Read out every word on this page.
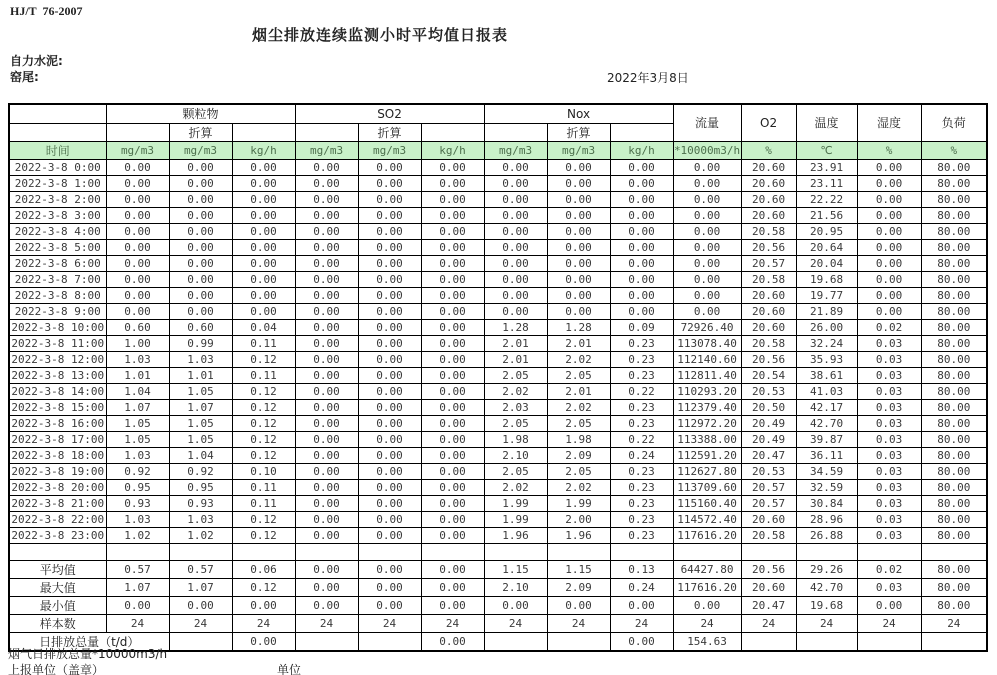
HJ/T  76-2007
烟尘排放连续监测小时平均值日报表
自力水泥:
窑尾:	2022年3月8日
	颗粒物			SO2			Nox			流量	O2	温度	湿度	负荷
		折算			折算			折算						
时间	mg/m3	mg/m3	kg/h	mg/m3	mg/m3	kg/h	mg/m3	mg/m3	kg/h	*10000m3/h	%	℃	%	%
2022-3-8 0:00	0.00	0.00	0.00	0.00	0.00	0.00	0.00	0.00	0.00	0.00	20.60	23.91	0.00	80.00
2022-3-8 1:00	0.00	0.00	0.00	0.00	0.00	0.00	0.00	0.00	0.00	0.00	20.60	23.11	0.00	80.00
2022-3-8 2:00	0.00	0.00	0.00	0.00	0.00	0.00	0.00	0.00	0.00	0.00	20.60	22.22	0.00	80.00
2022-3-8 3:00	0.00	0.00	0.00	0.00	0.00	0.00	0.00	0.00	0.00	0.00	20.60	21.56	0.00	80.00
2022-3-8 4:00	0.00	0.00	0.00	0.00	0.00	0.00	0.00	0.00	0.00	0.00	20.58	20.95	0.00	80.00
2022-3-8 5:00	0.00	0.00	0.00	0.00	0.00	0.00	0.00	0.00	0.00	0.00	20.56	20.64	0.00	80.00
2022-3-8 6:00	0.00	0.00	0.00	0.00	0.00	0.00	0.00	0.00	0.00	0.00	20.57	20.04	0.00	80.00
2022-3-8 7:00	0.00	0.00	0.00	0.00	0.00	0.00	0.00	0.00	0.00	0.00	20.58	19.68	0.00	80.00
2022-3-8 8:00	0.00	0.00	0.00	0.00	0.00	0.00	0.00	0.00	0.00	0.00	20.60	19.77	0.00	80.00
2022-3-8 9:00	0.00	0.00	0.00	0.00	0.00	0.00	0.00	0.00	0.00	0.00	20.60	21.89	0.00	80.00
2022-3-8 10:00	0.60	0.60	0.04	0.00	0.00	0.00	1.28	1.28	0.09	72926.40	20.60	26.00	0.02	80.00
2022-3-8 11:00	1.00	0.99	0.11	0.00	0.00	0.00	2.01	2.01	0.23	113078.40	20.58	32.24	0.03	80.00
2022-3-8 12:00	1.03	1.03	0.12	0.00	0.00	0.00	2.01	2.02	0.23	112140.60	20.56	35.93	0.03	80.00
2022-3-8 13:00	1.01	1.01	0.11	0.00	0.00	0.00	2.05	2.05	0.23	112811.40	20.54	38.61	0.03	80.00
2022-3-8 14:00	1.04	1.05	0.12	0.00	0.00	0.00	2.02	2.01	0.22	110293.20	20.53	41.03	0.03	80.00
2022-3-8 15:00	1.07	1.07	0.12	0.00	0.00	0.00	2.03	2.02	0.23	112379.40	20.50	42.17	0.03	80.00
2022-3-8 16:00	1.05	1.05	0.12	0.00	0.00	0.00	2.05	2.05	0.23	112972.20	20.49	42.70	0.03	80.00
2022-3-8 17:00	1.05	1.05	0.12	0.00	0.00	0.00	1.98	1.98	0.22	113388.00	20.49	39.87	0.03	80.00
2022-3-8 18:00	1.03	1.04	0.12	0.00	0.00	0.00	2.10	2.09	0.24	112591.20	20.47	36.11	0.03	80.00
2022-3-8 19:00	0.92	0.92	0.10	0.00	0.00	0.00	2.05	2.05	0.23	112627.80	20.53	34.59	0.03	80.00
2022-3-8 20:00	0.95	0.95	0.11	0.00	0.00	0.00	2.02	2.02	0.23	113709.60	20.57	32.59	0.03	80.00
2022-3-8 21:00	0.93	0.93	0.11	0.00	0.00	0.00	1.99	1.99	0.23	115160.40	20.57	30.84	0.03	80.00
2022-3-8 22:00	1.03	1.03	0.12	0.00	0.00	0.00	1.99	2.00	0.23	114572.40	20.60	28.96	0.03	80.00
2022-3-8 23:00	1.02	1.02	0.12	0.00	0.00	0.00	1.96	1.96	0.23	117616.20	20.58	26.88	0.03	80.00

平均值	0.57	0.57	0.06	0.00	0.00	0.00	1.15	1.15	0.13	64427.80	20.56	29.26	0.02	80.00
最大值	1.07	1.07	0.12	0.00	0.00	0.00	2.10	2.09	0.24	117616.20	20.60	42.70	0.03	80.00
最小值	0.00	0.00	0.00	0.00	0.00	0.00	0.00	0.00	0.00	0.00	20.47	19.68	0.00	80.00
样本数	24	24	24	24	24	24	24	24	24	24	24	24	24	24
日排放总量（t/d）			0.00			0.00			0.00	154.63				
烟气日排放总量*10000m3/h
上报单位（盖章）	单位
